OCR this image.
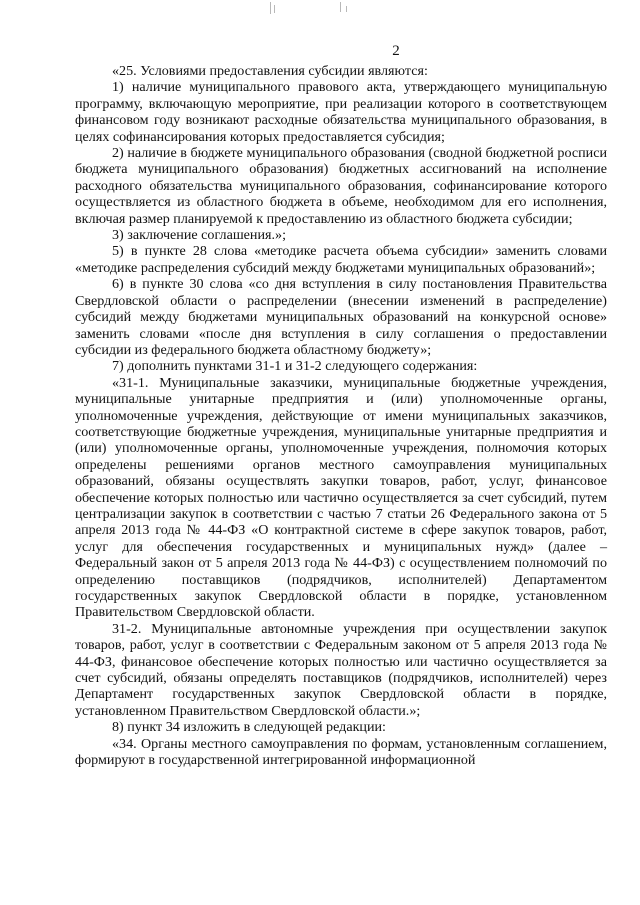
2

«25. Условиями предоставления субсидии являются:

1) наличие муниципального правового акта, утверждающего муниципальную программу, включающую мероприятие, при реализации которого в соответствующем финансовом году возникают расходные обязательства муниципального образования, в целях софинансирования которых предоставляется субсидия;

2) наличие в бюджете муниципального образования (сводной бюджетной росписи бюджета муниципального образования) бюджетных ассигнований на исполнение расходного обязательства муниципального образования, софинансирование которого осуществляется из областного бюджета в объеме, необходимом для его исполнения, включая размер планируемой к предоставлению из областного бюджета субсидии;

3) заключение соглашения.»;

5) в пункте 28 слова «методике расчета объема субсидии» заменить словами «методике распределения субсидий между бюджетами муниципальных образований»;

6) в пункте 30 слова «со дня вступления в силу постановления Правительства Свердловской области о распределении (внесении изменений в распределение) субсидий между бюджетами муниципальных образований на конкурсной основе» заменить словами «после дня вступления в силу соглашения о предоставлении субсидии из федерального бюджета областному бюджету»;

7) дополнить пунктами 31-1 и 31-2 следующего содержания:

«31-1. Муниципальные заказчики, муниципальные бюджетные учреждения, муниципальные унитарные предприятия и (или) уполномоченные органы, уполномоченные учреждения, действующие от имени муниципальных заказчиков, соответствующие бюджетные учреждения, муниципальные унитарные предприятия и (или) уполномоченные органы, уполномоченные учреждения, полномочия которых определены решениями органов местного самоуправления муниципальных образований, обязаны осуществлять закупки товаров, работ, услуг, финансовое обеспечение которых полностью или частично осуществляется за счет субсидий, путем централизации закупок в соответствии с частью 7 статьи 26 Федерального закона от 5 апреля 2013 года № 44-ФЗ «О контрактной системе в сфере закупок товаров, работ, услуг для обеспечения государственных и муниципальных нужд» (далее – Федеральный закон от 5 апреля 2013 года № 44-ФЗ) с осуществлением полномочий по определению поставщиков (подрядчиков, исполнителей) Департаментом государственных закупок Свердловской области в порядке, установленном Правительством Свердловской области.

31-2. Муниципальные автономные учреждения при осуществлении закупок товаров, работ, услуг в соответствии с Федеральным законом от 5 апреля 2013 года № 44-ФЗ, финансовое обеспечение которых полностью или частично осуществляется за счет субсидий, обязаны определять поставщиков (подрядчиков, исполнителей) через Департамент государственных закупок Свердловской области в порядке, установленном Правительством Свердловской области.»;

8) пункт 34 изложить в следующей редакции:

«34. Органы местного самоуправления по формам, установленным соглашением, формируют в государственной интегрированной информационной
